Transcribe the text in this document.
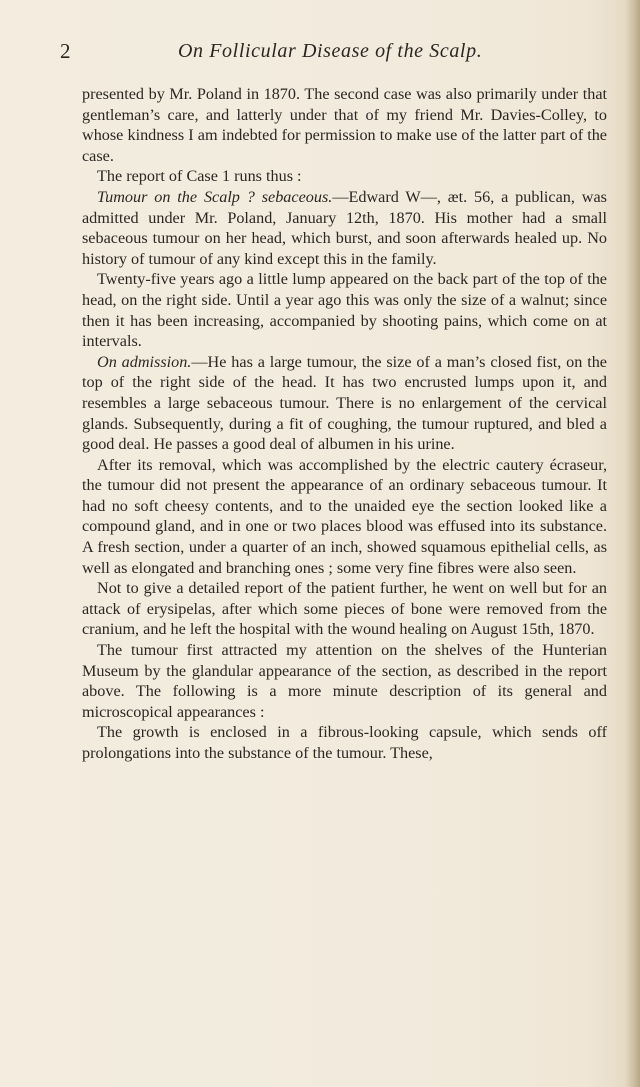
2	On Follicular Disease of the Scalp.

presented by Mr. Poland in 1870. The second case was also primarily under that gentleman’s care, and latterly under that of my friend Mr. Davies-Colley, to whose kindness I am indebted for permission to make use of the latter part of the case.

The report of Case 1 runs thus :

Tumour on the Scalp ? sebaceous.—Edward W—, æt. 56, a publican, was admitted under Mr. Poland, January 12th, 1870. His mother had a small sebaceous tumour on her head, which burst, and soon afterwards healed up. No history of tumour of any kind except this in the family.

Twenty-five years ago a little lump appeared on the back part of the top of the head, on the right side. Until a year ago this was only the size of a walnut; since then it has been increasing, accompanied by shooting pains, which come on at intervals.

On admission.—He has a large tumour, the size of a man’s closed fist, on the top of the right side of the head. It has two encrusted lumps upon it, and resembles a large sebaceous tumour. There is no enlargement of the cervical glands. Subsequently, during a fit of coughing, the tumour ruptured, and bled a good deal. He passes a good deal of albumen in his urine.

After its removal, which was accomplished by the electric cautery écraseur, the tumour did not present the appearance of an ordinary sebaceous tumour. It had no soft cheesy contents, and to the unaided eye the section looked like a compound gland, and in one or two places blood was effused into its substance. A fresh section, under a quarter of an inch, showed squamous epithelial cells, as well as elongated and branching ones ; some very fine fibres were also seen.

Not to give a detailed report of the patient further, he went on well but for an attack of erysipelas, after which some pieces of bone were removed from the cranium, and he left the hospital with the wound healing on August 15th, 1870.

The tumour first attracted my attention on the shelves of the Hunterian Museum by the glandular appearance of the section, as described in the report above. The following is a more minute description of its general and microscopical appearances :

The growth is enclosed in a fibrous-looking capsule, which sends off prolongations into the substance of the tumour. These,
